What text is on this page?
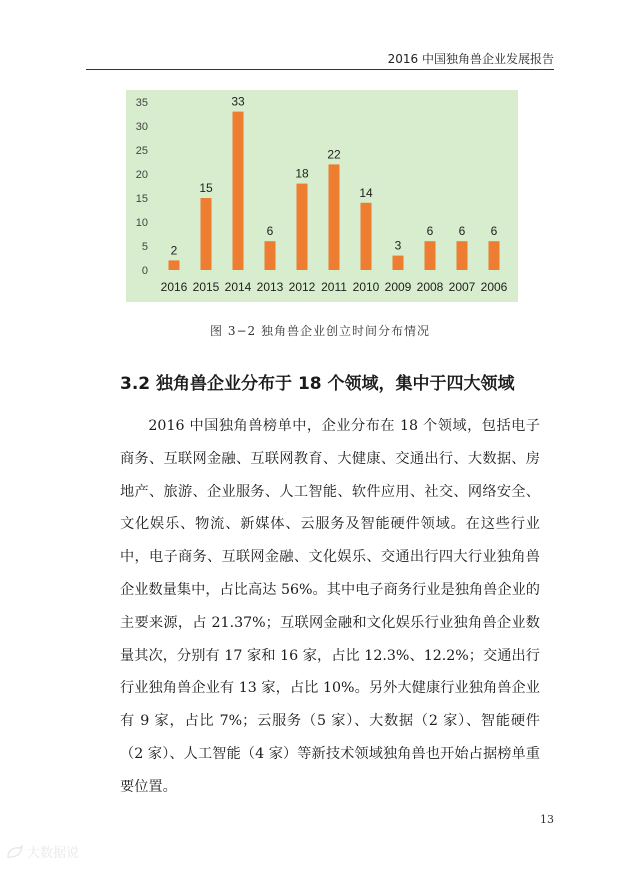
2016 中国独角兽企业发展报告
0
5
10
15
20
25
30
35
2
2016
15
2015
33
2014
6
2013
18
2012
22
2011
14
2010
3
2009
6
2008
6
2007
6
2006
图 3−2 独角兽企业创立时间分布情况
3.2 独角兽企业分布于 18 个领域，集中于四大领域

2016 中国独角兽榜单中，企业分布在 18 个领域，包括电子商务、互联网金融、互联网教育、大健康、交通出行、大数据、房地产、旅游、企业服务、人工智能、软件应用、社交、网络安全、文化娱乐、物流、新媒体、云服务及智能硬件领域。在这些行业中，电子商务、互联网金融、文化娱乐、交通出行四大行业独角兽企业数量集中，占比高达 56%。其中电子商务行业是独角兽企业的主要来源，占 21.37%；互联网金融和文化娱乐行业独角兽企业数量其次，分别有 17 家和 16 家，占比 12.3%、12.2%；交通出行行业独角兽企业有 13 家，占比 10%。另外大健康行业独角兽企业有 9 家，占比 7%；云服务（5 家）、大数据（2 家）、智能硬件（2 家）、人工智能（4 家）等新技术领域独角兽也开始占据榜单重要位置。

13
大数据说
